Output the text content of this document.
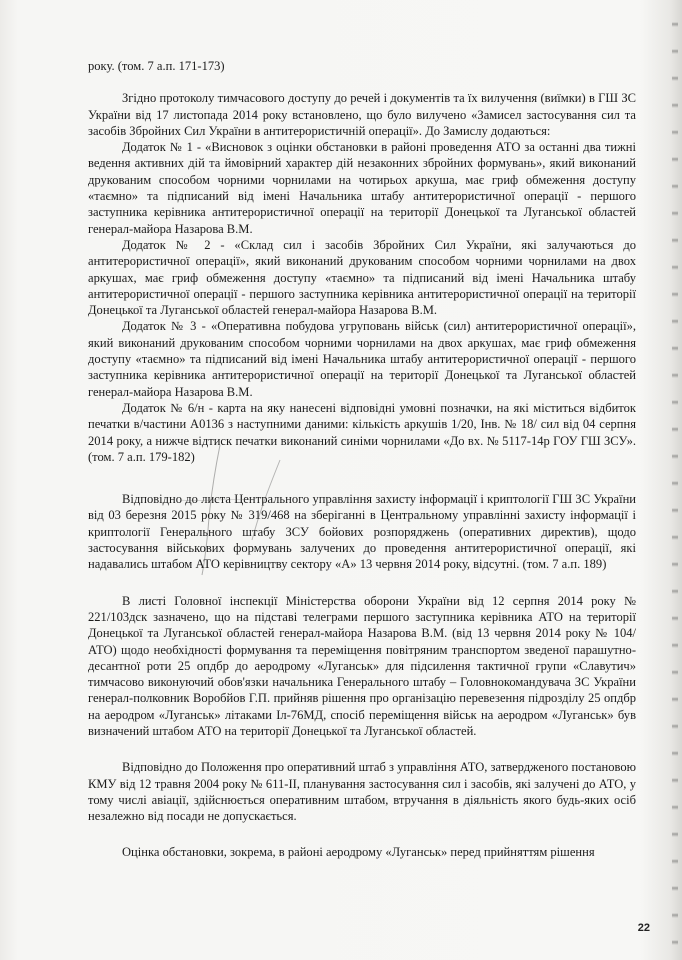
року. (том. 7 а.п. 171-173)

Згідно протоколу тимчасового доступу до речей і документів та їх вилучення (виїмки) в ГШ ЗС України від 17 листопада 2014 року встановлено, що було вилучено «Замисел застосування сил та засобів Збройних Сил України в антитерористичній операції». До Замислу додаються:

Додаток № 1 - «Висновок з оцінки обстановки в районі проведення АТО за останні два тижні ведення активних дій та ймовірний характер дій незаконних збройних формувань», який виконаний друкованим способом чорними чорнилами на чотирьох аркуша, має гриф обмеження доступу «таємно» та підписаний від імені Начальника штабу антитерористичної операції - першого заступника керівника антитерористичної операції на території Донецької та Луганської областей генерал-майора Назарова В.М.

Додаток № 2 - «Склад сил і засобів Збройних Сил України, які залучаються до антитерористичної операції», який виконаний друкованим способом чорними чорнилами на двох аркушах, має гриф обмеження доступу «таємно» та підписаний від імені Начальника штабу антитерористичної операції - першого заступника керівника антитерористичної операції на території Донецької та Луганської областей генерал-майора Назарова В.М.

Додаток № 3 - «Оперативна побудова угруповань військ (сил) антитерористичної операції», який виконаний друкованим способом чорними чорнилами на двох аркушах, має гриф обмеження доступу «таємно» та підписаний від імені Начальника штабу антитерористичної операції - першого заступника керівника антитерористичної операції на території Донецької та Луганської областей генерал-майора Назарова В.М.

Додаток № 6/н - карта на яку нанесені відповідні умовні позначки, на які міститься відбиток печатки в/частини А0136 з наступними даними: кількість аркушів 1/20, Інв. № 18/ сил від 04 серпня 2014 року, а нижче відтиск печатки виконаний синіми чорнилами «До вх. № 5117-14р ГОУ ГШ ЗСУ». (том. 7 а.п. 179-182)

Відповідно до листа Центрального управління захисту інформації і криптології ГШ ЗС України від 03 березня 2015 року № 319/468 на зберіганні в Центральному управлінні захисту інформації і криптології Генерального штабу ЗСУ бойових розпоряджень (оперативних директив), щодо застосування військових формувань залучених до проведення антитерористичної операції, які надавались штабом АТО керівництву сектору «А» 13 червня 2014 року, відсутні. (том. 7 а.п. 189)

В листі Головної інспекції Міністерства оборони України від 12 серпня 2014 року № 221/103дск зазначено, що на підставі телеграми першого заступника керівника АТО на території Донецької та Луганської областей генерал-майора Назарова В.М. (від 13 червня 2014 року № 104/АТО) щодо необхідності формування та переміщення повітряним транспортом зведеної парашутно-десантної роти 25 опдбр до аеродрому «Луганськ» для підсилення тактичної групи «Славутич» тимчасово виконуючий обов'язки начальника Генерального штабу – Головнокомандувача ЗС України генерал-полковник Воробйов Г.П. прийняв рішення про організацію перевезення підрозділу 25 опдбр на аеродром «Луганськ» літаками Іл-76МД, спосіб переміщення військ на аеродром «Луганськ» був визначений штабом АТО на території Донецької та Луганської областей.

Відповідно до Положення про оперативний штаб з управління АТО, затвердженого постановою КМУ від 12 травня 2004 року № 611-II, планування застосування сил і засобів, які залучені до АТО, у тому числі авіації, здійснюється оперативним штабом, втручання в діяльність якого будь-яких осіб незалежно від посади не допускається.

Оцінка обстановки, зокрема, в районі аеродрому «Луганськ» перед прийняттям рішення

22
